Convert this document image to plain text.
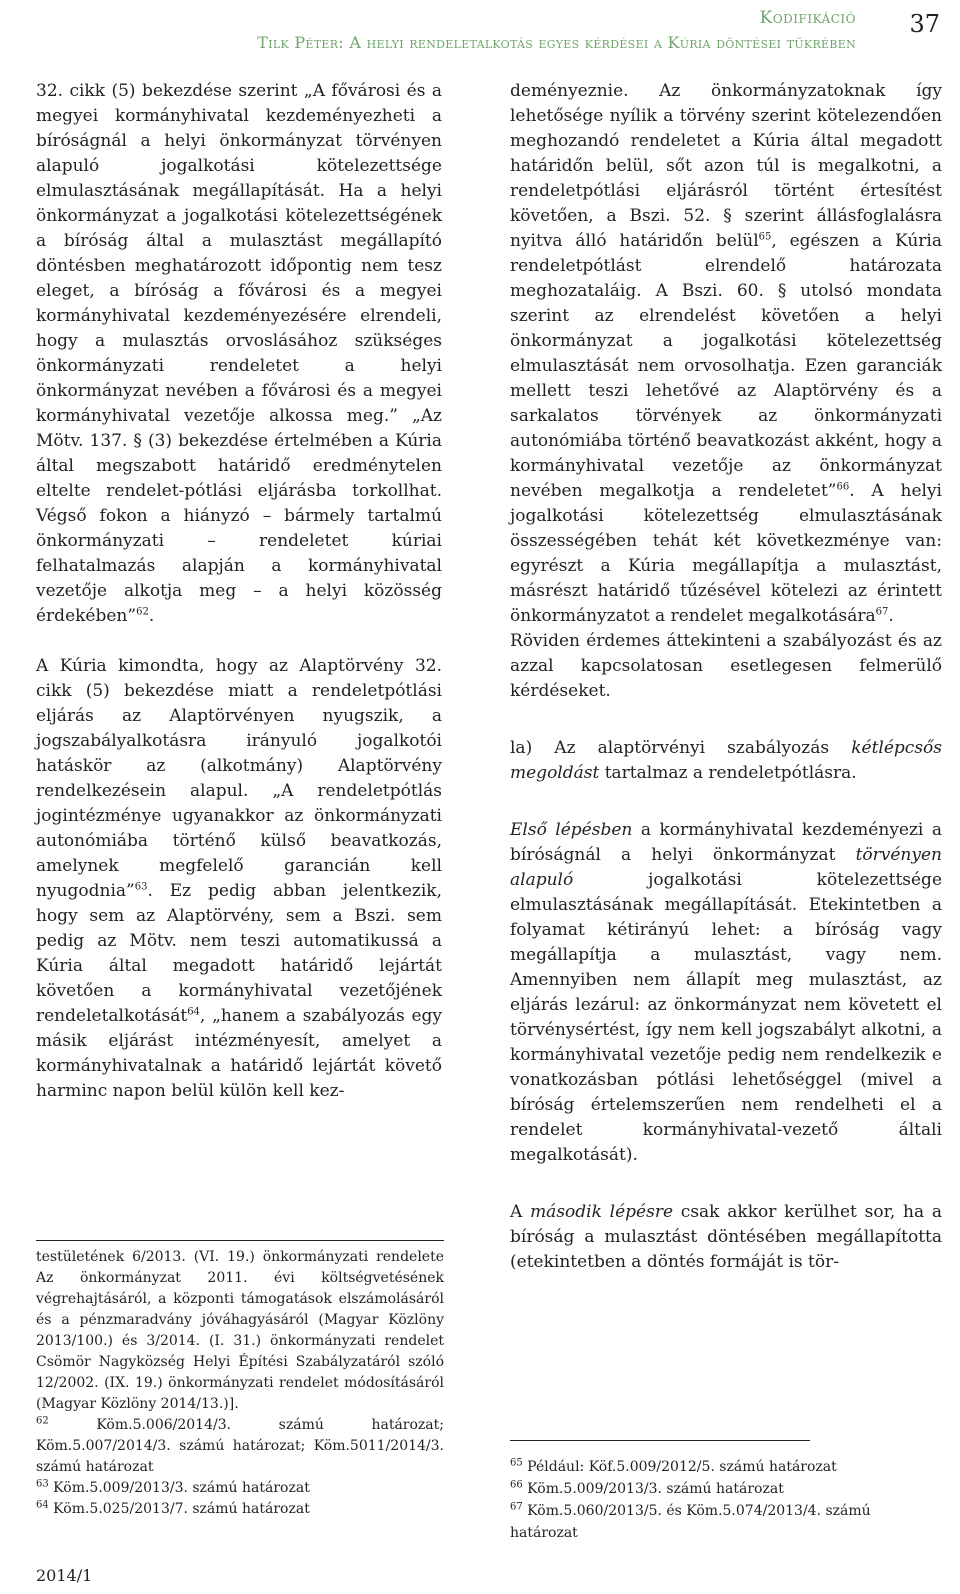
Kodifikáció
Tilk Péter: A helyi rendeletalkotás egyes kérdései a Kúria döntései tükrében
37

32. cikk (5) bekezdése szerint „A fővárosi és a megyei kormányhivatal kezdeményezheti a bíróságnál a helyi önkormányzat törvényen alapuló jogalkotási kötelezettsége elmulasztásának megállapítását. Ha a helyi önkormányzat a jogalkotási kötelezettségének a bíróság által a mulasztást megállapító döntésben meghatározott időpontig nem tesz eleget, a bíróság a fővárosi és a megyei kormányhivatal kezdeményezésére elrendeli, hogy a mulasztás orvoslásához szükséges önkormányzati rendeletet a helyi önkormányzat nevében a fővárosi és a megyei kormányhivatal vezetője alkossa meg.” „Az Mötv. 137. § (3) bekezdése értelmében a Kúria által megszabott határidő eredménytelen eltelte rendelet-pótlási eljárásba torkollhat. Végső fokon a hiányzó – bármely tartalmú önkormányzati – rendeletet kúriai felhatalmazás alapján a kormányhivatal vezetője alkotja meg – a helyi közösség érdekében”$^{62}$.

A Kúria kimondta, hogy az Alaptörvény 32. cikk (5) bekezdése miatt a rendeletpótlási eljárás az Alaptörvényen nyugszik, a jogszabályalkotásra irányuló jogalkotói hatáskör az (alkotmány) Alaptörvény rendelkezésein alapul. „A rendeletpótlás jogintézménye ugyanakkor az önkormányzati autonómiába történő külső beavatkozás, amelynek megfelelő garancián kell nyugodnia”$^{63}$. Ez pedig abban jelentkezik, hogy sem az Alaptörvény, sem a Bszi. sem pedig az Mötv. nem teszi automatikussá a Kúria által megadott határidő lejártát követően a kormányhivatal vezetőjének rendeletalkotását$^{64}$, „hanem a szabályozás egy másik eljárást intézményesít, amelyet a kormányhivatalnak a határidő lejártát követő harminc napon belül külön kell kez-

deményeznie. Az önkormányzatoknak így lehetősége nyílik a törvény szerint kötelezendően meghozandó rendeletet a Kúria által megadott határidőn belül, sőt azon túl is megalkotni, a rendeletpótlási eljárásról történt értesítést követően, a Bszi. 52. § szerint állásfoglalásra nyitva álló határidőn belül$^{65}$, egészen a Kúria rendeletpótlást elrendelő határozata meghozataláig. A Bszi. 60. § utolsó mondata szerint az elrendelést követően a helyi önkormányzat a jogalkotási kötelezettség elmulasztását nem orvosolhatja. Ezen garanciák mellett teszi lehetővé az Alaptörvény és a sarkalatos törvények az önkormányzati autonómiába történő beavatkozást akként, hogy a kormányhivatal vezetője az önkormányzat nevében megalkotja a rendeletet”$^{66}$. A helyi jogalkotási kötelezettség elmulasztásának összességében tehát két következménye van: egyrészt a Kúria megállapítja a mulasztást, másrészt határidő tűzésével kötelezi az érintett önkormányzatot a rendelet megalkotására$^{67}$.

Röviden érdemes áttekinteni a szabályozást és az azzal kapcsolatosan esetlegesen felmerülő kérdéseket.

la) Az alaptörvényi szabályozás kétlépcsős megoldást tartalmaz a rendeletpótlásra.

Első lépésben a kormányhivatal kezdeményezi a bíróságnál a helyi önkormányzat törvényen alapuló jogalkotási kötelezettsége elmulasztásának megállapítását. Etekintetben a folyamat kétirányú lehet: a bíróság vagy megállapítja a mulasztást, vagy nem. Amennyiben nem állapít meg mulasztást, az eljárás lezárul: az önkormányzat nem követett el törvénysértést, így nem kell jogszabályt alkotni, a kormányhivatal vezetője pedig nem rendelkezik e vonatkozásban pótlási lehetőséggel (mivel a bíróság értelemszerűen nem rendelheti el a rendelet kormányhivatal-vezető általi megalkotását).

A második lépésre csak akkor kerülhet sor, ha a bíróság a mulasztást döntésében megállapította (etekintetben a döntés formáját is tör-

testületének 6/2013. (VI. 19.) önkormányzati rendelete Az önkormányzat 2011. évi költségvetésének végrehajtásáról, a központi támogatások elszámolásáról és a pénzmaradvány jóváhagyásáról (Magyar Közlöny 2013/100.) és 3/2014. (I. 31.) önkormányzati rendelet Csömör Nagyközség Helyi Építési Szabályzatáról szóló 12/2002. (IX. 19.) önkormányzati rendelet módosításáról (Magyar Közlöny 2014/13.)].
$^{62}$ Köm.5.006/2014/3. számú határozat; Köm.5.007/2014/3. számú határozat; Köm.5011/2014/3. számú határozat
$^{63}$ Köm.5.009/2013/3. számú határozat
$^{64}$ Köm.5.025/2013/7. számú határozat
$^{65}$ Például: Köf.5.009/2012/5. számú határozat
$^{66}$ Köm.5.009/2013/3. számú határozat
$^{67}$ Köm.5.060/2013/5. és Köm.5.074/2013/4. számú határozat
2014/1
